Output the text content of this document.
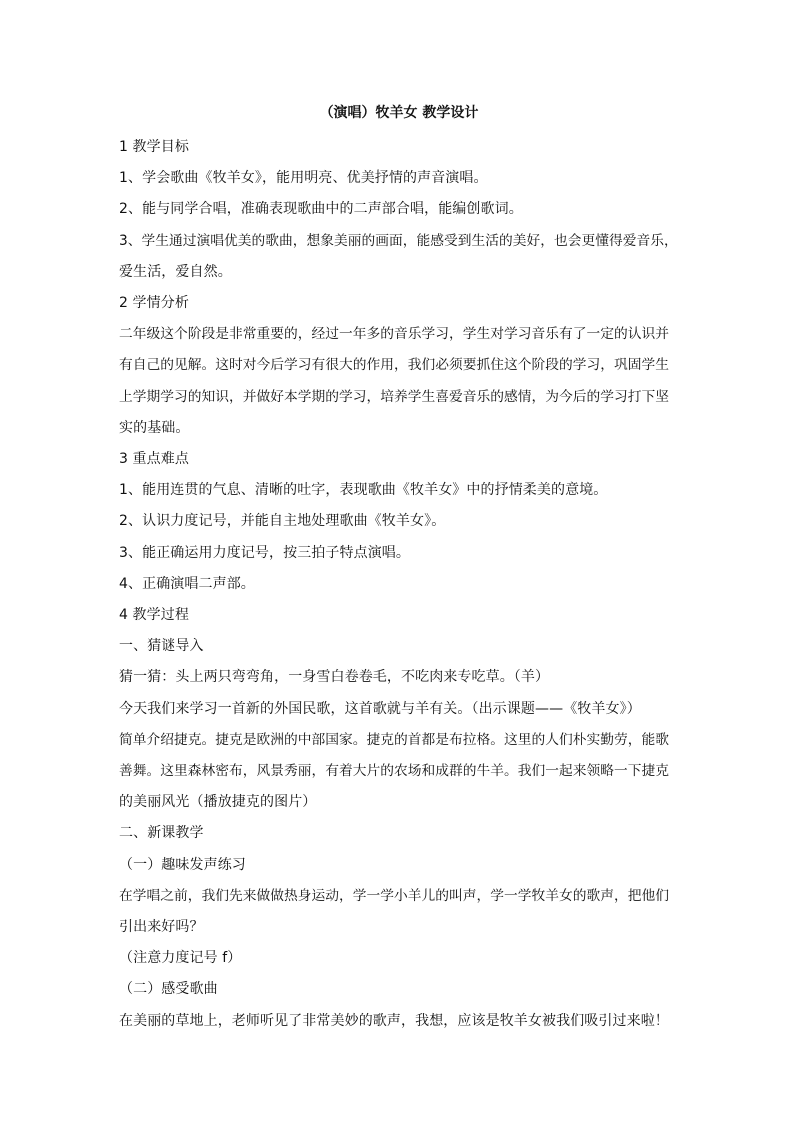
（演唱）牧羊女 教学设计
1 教学目标
1、学会歌曲《牧羊女》，能用明亮、优美抒情的声音演唱。
2、能与同学合唱，准确表现歌曲中的二声部合唱，能编创歌词。
3、学生通过演唱优美的歌曲，想象美丽的画面，能感受到生活的美好，也会更懂得爱音乐，
爱生活，爱自然。
2 学情分析
二年级这个阶段是非常重要的，经过一年多的音乐学习，学生对学习音乐有了一定的认识并
有自己的见解。这时对今后学习有很大的作用，我们必须要抓住这个阶段的学习，巩固学生
上学期学习的知识，并做好本学期的学习，培养学生喜爱音乐的感情，为今后的学习打下坚
实的基础。
3 重点难点
1、能用连贯的气息、清晰的吐字，表现歌曲《牧羊女》中的抒情柔美的意境。
2、认识力度记号，并能自主地处理歌曲《牧羊女》。
3、能正确运用力度记号，按三拍子特点演唱。
4、正确演唱二声部。
4 教学过程
一、猜谜导入
猜一猜：头上两只弯弯角，一身雪白卷卷毛，不吃肉来专吃草。（羊）
今天我们来学习一首新的外国民歌，这首歌就与羊有关。（出示课题——《牧羊女》）
简单介绍捷克。捷克是欧洲的中部国家。捷克的首都是布拉格。这里的人们朴实勤劳，能歌
善舞。这里森林密布，风景秀丽，有着大片的农场和成群的牛羊。我们一起来领略一下捷克
的美丽风光（播放捷克的图片）
二、新课教学
（一）趣味发声练习
在学唱之前，我们先来做做热身运动，学一学小羊儿的叫声，学一学牧羊女的歌声，把他们
引出来好吗？
（注意力度记号 f）
（二）感受歌曲
在美丽的草地上，老师听见了非常美妙的歌声，我想，应该是牧羊女被我们吸引过来啦！
